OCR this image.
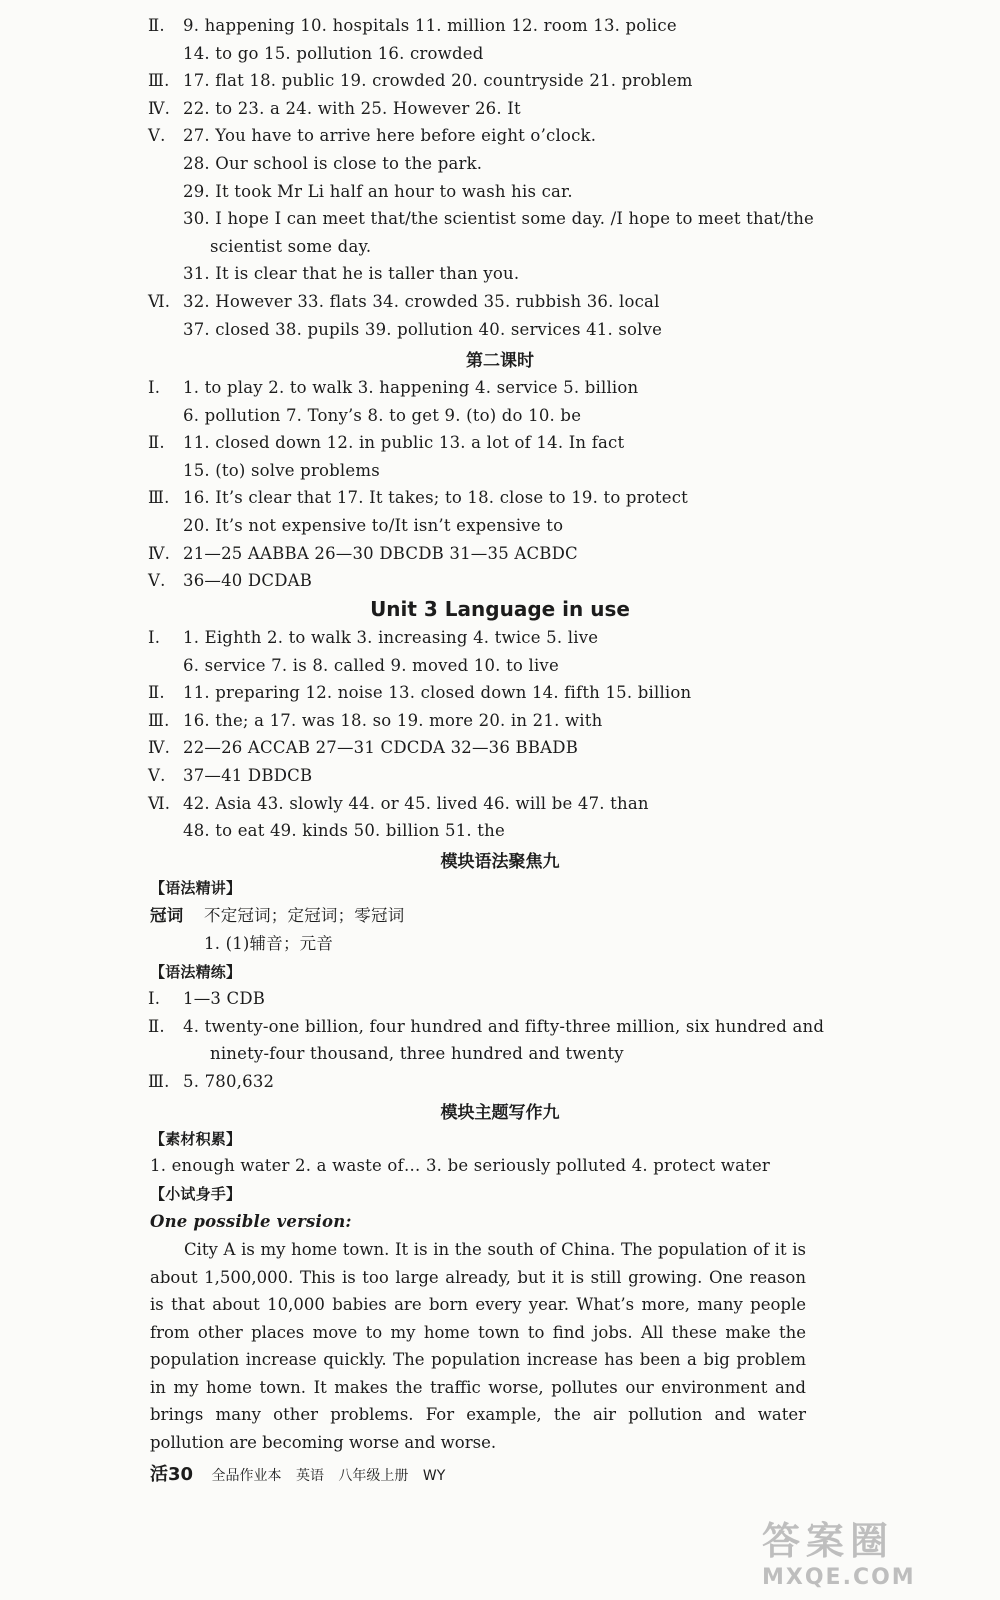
Ⅱ. 9. happening 10. hospitals 11. million 12. room 13. police
14. to go 15. pollution 16. crowded
Ⅲ. 17. flat 18. public 19. crowded 20. countryside 21. problem
Ⅳ. 22. to 23. a 24. with 25. However 26. It
Ⅴ. 27. You have to arrive here before eight o’clock.
28. Our school is close to the park.
29. It took Mr Li half an hour to wash his car.
30. I hope I can meet that/the scientist some day. /I hope to meet that/the
scientist some day.
31. It is clear that he is taller than you.
Ⅵ. 32. However 33. flats 34. crowded 35. rubbish 36. local
37. closed 38. pupils 39. pollution 40. services 41. solve
第二课时
Ⅰ. 1. to play 2. to walk 3. happening 4. service 5. billion
6. pollution 7. Tony’s 8. to get 9. (to) do 10. be
Ⅱ. 11. closed down 12. in public 13. a lot of 14. In fact
15. (to) solve problems
Ⅲ. 16. It’s clear that 17. It takes; to 18. close to 19. to protect
20. It’s not expensive to/It isn’t expensive to
Ⅳ. 21—25 AABBA 26—30 DBCDB 31—35 ACBDC
Ⅴ. 36—40 DCDAB
Unit 3 Language in use
Ⅰ. 1. Eighth 2. to walk 3. increasing 4. twice 5. live
6. service 7. is 8. called 9. moved 10. to live
Ⅱ. 11. preparing 12. noise 13. closed down 14. fifth 15. billion
Ⅲ. 16. the; a 17. was 18. so 19. more 20. in 21. with
Ⅳ. 22—26 ACCAB 27—31 CDCDA 32—36 BBADB
Ⅴ. 37—41 DBDCB
Ⅵ. 42. Asia 43. slowly 44. or 45. lived 46. will be 47. than
48. to eat 49. kinds 50. billion 51. the
模块语法聚焦九
【语法精讲】
冠词 不定冠词；定冠词；零冠词
1. (1)辅音；元音
【语法精练】
Ⅰ. 1—3 CDB
Ⅱ. 4. twenty-one billion, four hundred and fifty-three million, six hundred and
ninety-four thousand, three hundred and twenty
Ⅲ. 5. 780,632
模块主题写作九
【素材积累】
1. enough water 2. a waste of… 3. be seriously polluted 4. protect water
【小试身手】
One possible version:

City A is my home town. It is in the south of China. The population of it is about 1,500,000. This is too large already, but it is still growing. One reason is that about 10,000 babies are born every year. What’s more, many people from other places move to my home town to find jobs. All these make the population increase quickly. The population increase has been a big problem in my home town. It makes the traffic worse, pollutes our environment and brings many other problems. For example, the air pollution and water pollution are becoming worse and worse.

活30 全品作业本 英语 八年级上册 WY
答案圈
MXQE.COM
